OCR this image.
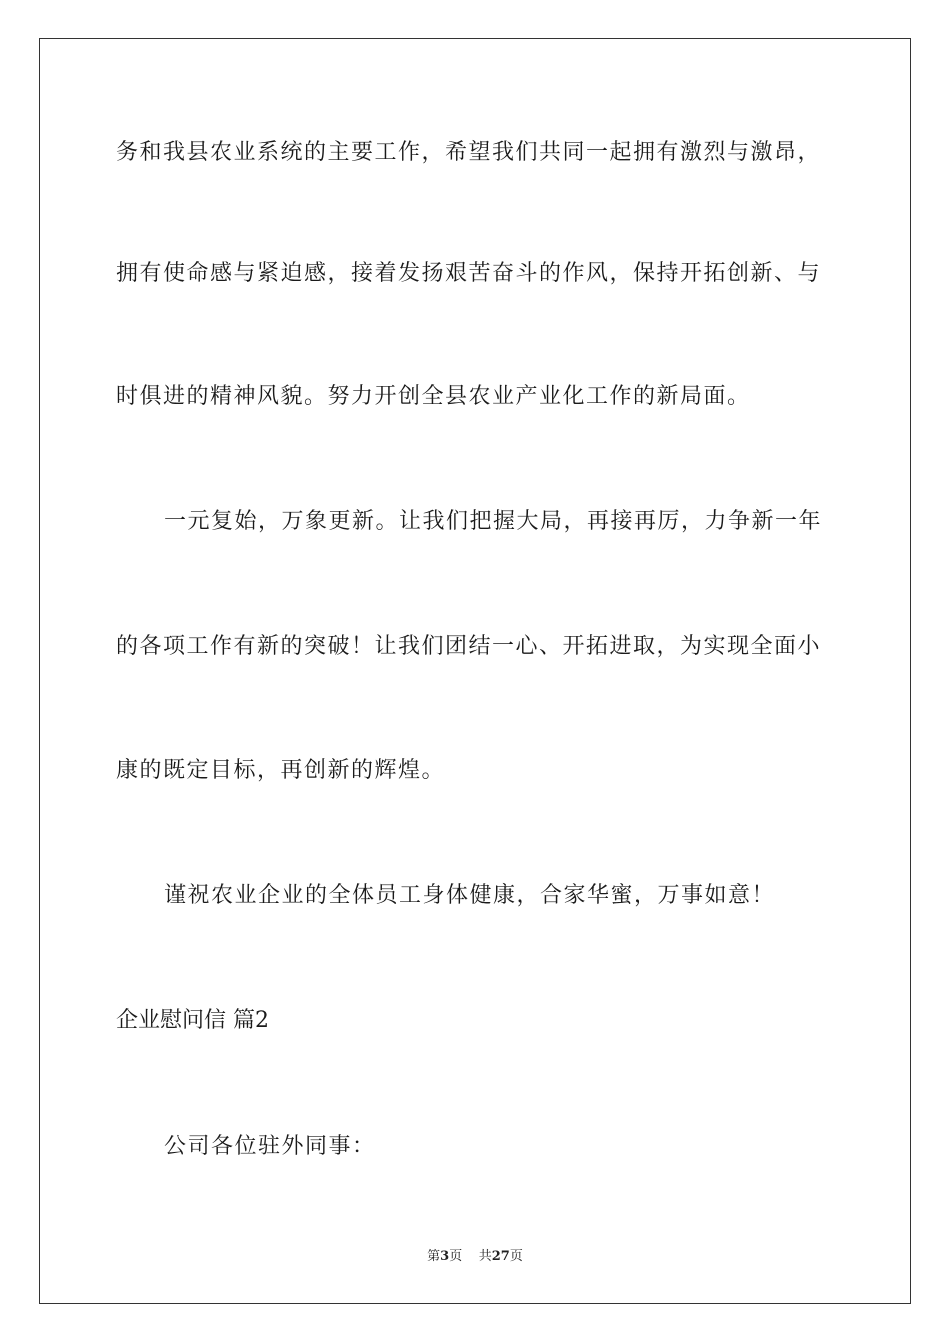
务和我县农业系统的主要工作，希望我们共同一起拥有激烈与激昂，
拥有使命感与紧迫感，接着发扬艰苦奋斗的作风，保持开拓创新、与
时俱进的精神风貌。努力开创全县农业产业化工作的新局面。
一元复始，万象更新。让我们把握大局，再接再厉，力争新一年
的各项工作有新的突破！让我们团结一心、开拓进取，为实现全面小
康的既定目标，再创新的辉煌。
谨祝农业企业的全体员工身体健康，合家华蜜，万事如意！
企业慰问信 篇2
公司各位驻外同事：
第3页 共27页
